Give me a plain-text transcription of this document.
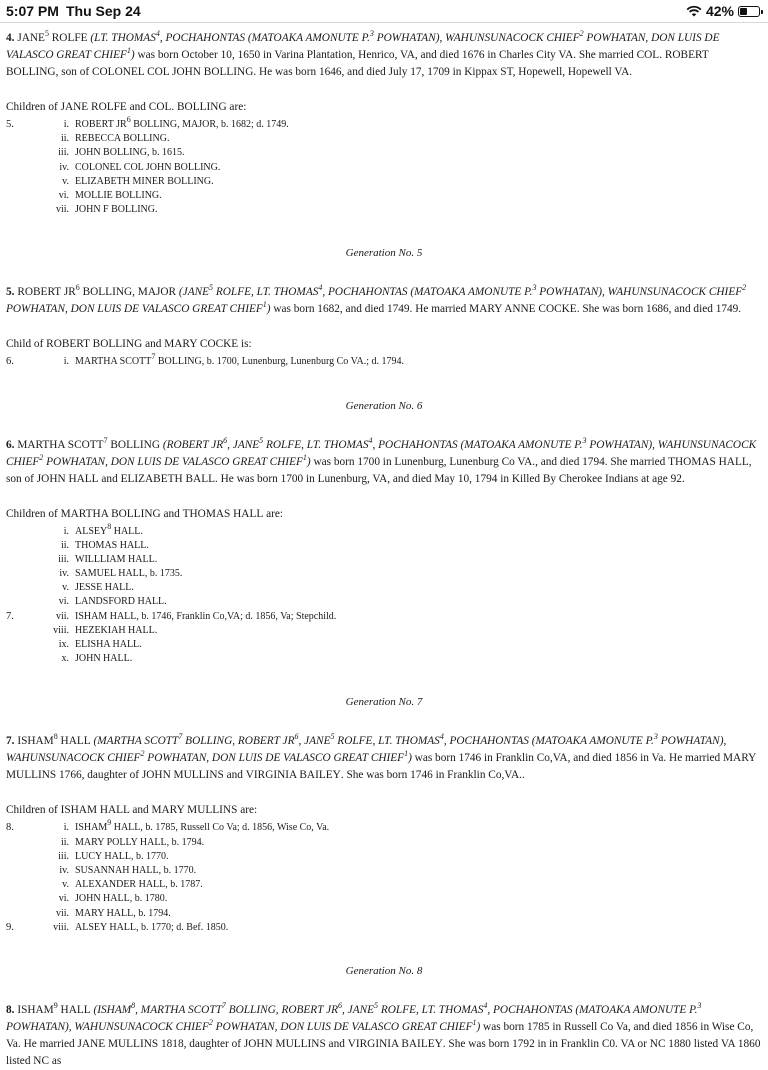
5:07 PM Thu Sep 24	42%

4. JANE$^5$ ROLFE (LT. THOMAS$^4$, POCHAHONTAS (MATOAKA AMONUTE P.$^3$ POWHATAN), WAHUNSUNACOCK CHIEF$^2$ POWHATAN, DON LUIS DE VALASCO GREAT CHIEF$^1$) was born October 10, 1650 in Varina Plantation, Henrico, VA, and died 1676 in Charles City VA. She married COL. ROBERT BOLLING, son of COLONEL COL JOHN BOLLING. He was born 1646, and died July 17, 1709 in Kippax ST, Hopewell, Hopewell VA.

Children of JANE ROLFE and COL. BOLLING are:

5.	i. ROBERT $JR^6$ BOLLING, MAJOR, b. 1682; d. 1749.
ii. REBECCA BOLLING.
iii. JOHN BOLLING, b. 1615.
iv. COLONEL COL JOHN BOLLING.
v. ELIZABETH MINER BOLLING.
vi. MOLLIE BOLLING.
vii. JOHN F BOLLING.
Generation No. 5

5. ROBERT $JR^6$ BOLLING, MAJOR (JANE$^5$ ROLFE, LT. THOMAS$^4$, POCHAHONTAS (MATOAKA AMONUTE P.$^3$ POWHATAN), WAHUNSUNACOCK CHIEF$^2$ POWHATAN, DON LUIS DE VALASCO GREAT CHIEF$^1$) was born 1682, and died 1749. He married MARY ANNE COCKE. She was born 1686, and died 1749.

Child of ROBERT BOLLING and MARY COCKE is:

6.	i. MARTHA SCOTT$^7$ BOLLING, b. 1700, Lunenburg, Lunenburg Co VA.; d. 1794.
Generation No. 6

6. MARTHA SCOTT$^7$ BOLLING (ROBERT $JR^6$, JANE$^5$ ROLFE, LT. THOMAS$^4$, POCHAHONTAS (MATOAKA AMONUTE P.$^3$ POWHATAN), WAHUNSUNACOCK CHIEF$^2$ POWHATAN, DON LUIS DE VALASCO GREAT CHIEF$^1$) was born 1700 in Lunenburg, Lunenburg Co VA., and died 1794. She married THOMAS HALL, son of JOHN HALL and ELIZABETH BALL. He was born 1700 in Lunenburg, VA, and died May 10, 1794 in Killed By Cherokee Indians at age 92.

Children of MARTHA BOLLING and THOMAS HALL are:

i. ALSEY$^8$ HALL.
ii. THOMAS HALL.
iii. WILLLIAM HALL.
iv. SAMUEL HALL, b. 1735.
v. JESSE HALL.
vi. LANDSFORD HALL.
7.	vii. ISHAM HALL, b. 1746, Franklin Co,VA; d. 1856, Va; Stepchild.
viii. HEZEKIAH HALL.
ix. ELISHA HALL.
x. JOHN HALL.
Generation No. 7

7. ISHAM$^8$ HALL (MARTHA SCOTT$^7$ BOLLING, ROBERT $JR^6$, JANE$^5$ ROLFE, LT. THOMAS$^4$, POCHAHONTAS (MATOAKA AMONUTE P.$^3$ POWHATAN), WAHUNSUNACOCK CHIEF$^2$ POWHATAN, DON LUIS DE VALASCO GREAT CHIEF$^1$) was born 1746 in Franklin Co,VA, and died 1856 in Va. He married MARY MULLINS 1766, daughter of JOHN MULLINS and VIRGINIA BAILEY. She was born 1746 in Franklin Co,VA..

Children of ISHAM HALL and MARY MULLINS are:

8.	i. ISHAM$^9$ HALL, b. 1785, Russell Co Va; d. 1856, Wise Co, Va.
ii. MARY POLLY HALL, b. 1794.
iii. LUCY HALL, b. 1770.
iv. SUSANNAH HALL, b. 1770.
v. ALEXANDER HALL, b. 1787.
vi. JOHN HALL, b. 1780.
vii. MARY HALL, b. 1794.
9.	viii. ALSEY HALL, b. 1770; d. Bef. 1850.
Generation No. 8

8. ISHAM$^9$ HALL (ISHAM$^8$, MARTHA SCOTT$^7$ BOLLING, ROBERT $JR^6$, JANE$^5$ ROLFE, LT. THOMAS$^4$, POCHAHONTAS (MATOAKA AMONUTE P.$^3$ POWHATAN), WAHUNSUNACOCK CHIEF$^2$ POWHATAN, DON LUIS DE VALASCO GREAT CHIEF$^1$) was born 1785 in Russell Co Va, and died 1856 in Wise Co, Va. He married JANE MULLINS 1818, daughter of JOHN MULLINS and VIRGINIA BAILEY. She was born 1792 in in Franklin C0. VA or NC 1880 listed VA 1860 listed NC as
